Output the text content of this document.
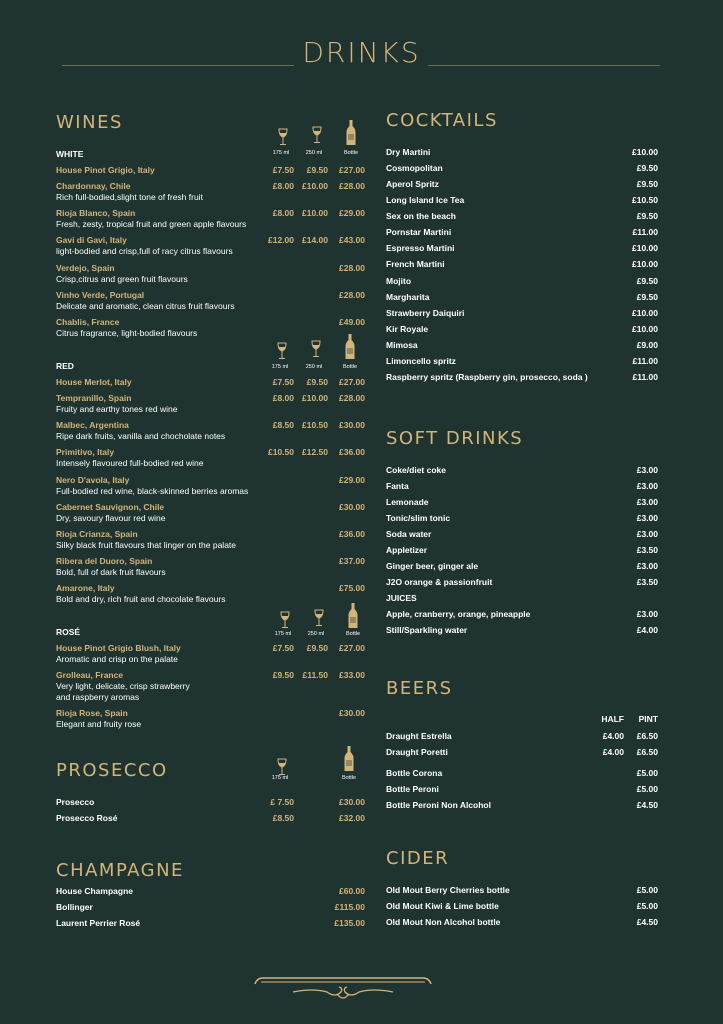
DRINKS
WINES
175 ml	250 ml	Bottle
WHITE
House Pinot Grigio, Italy	£7.50	£9.50	£27.00
Chardonnay, Chile
Rich full-bodied,slight tone of fresh fruit
£8.00 £10.00	£28.00
Rioja Blanco, Spain
Fresh, zesty, tropical fruit and green apple flavours
£8.00 £10.00	£29.00
Gavi di Gavi, Italy
light-bodied and crisp,full of racy citrus flavours
£12.00 £14.00	£43.00
Verdejo, Spain
Crisp,citrus and green fruit flavours
£28.00
Vinho Verde, Portugal
Delicate and aromatic, clean citrus fruit flavours
£28.00
Chablis, France
Citrus fragrance, light-bodied flavours
£49.00
175 ml	250 ml	Bottle
RED
House Merlot, Italy	£7.50	£9.50	£27.00
Tempranillo, Spain
Fruity and earthy tones red wine
£8.00 £10.00	£28.00
Malbec, Argentina
Ripe dark fruits, vanilla and chocholate notes
£8.50 £10.50	£30.00
Primitivo, Italy
Intensely flavoured full-bodied red wine
£10.50 £12.50	£36.00
Nero D'avola, Italy
Full-bodied red wine, black-skinned berries aromas
£29.00
Cabernet Sauvignon, Chile
Dry, savoury flavour red wine
£30.00
Rioja Crianza, Spain
Silky black fruit flavours that linger on the palate
£36.00
Ribera del Duoro, Spain
Bold, full of dark fruit flavours
£37.00
Amarone, Italy
Bold and dry, rich fruit and chocolate flavours
£75.00
175 ml	250 ml	Bottle
ROSÉ
House Pinot Grigio Blush, Italy
Aromatic and crisp on the palate
£7.50	£9.50	£27.00
Grolleau, France
Very light, delicate, crisp strawberry
and raspberry aromas
£9.50 £11.50	£33.00
Rioja Rose, Spain
Elegant and fruity rose
£30.00
PROSECCO	175 ml	Bottle
Prosecco	£ 7.50	£30.00
Prosecco Rosé	£8.50	£32.00
CHAMPAGNE
House Champagne	£60.00
Bollinger	£115.00
Laurent Perrier Rosé	£135.00
COCKTAILS
Dry Martini	£10.00
Cosmopolitan	£9.50
Aperol Spritz	£9.50
Long Island Ice Tea	£10.50
Sex on the beach	£9.50
Pornstar Martini	£11.00
Espresso Martini	£10.00
French Martini	£10.00
Mojito	£9.50
Margharita	£9.50
Strawberry Daiquiri	£10.00
Kir Royale	£10.00
Mimosa	£9.00
Limoncello spritz	£11.00
Raspberry spritz (Raspberry gin, prosecco, soda )	£11.00
SOFT DRINKS
Coke/diet coke	£3.00
Fanta	£3.00
Lemonade	£3.00
Tonic/slim tonic	£3.00
Soda water	£3.00
Appletizer	£3.50
Ginger beer, ginger ale	£3.00
J2O orange & passionfruit	£3.50
JUICES
Apple, cranberry, orange, pineapple	£3.00
Still/Sparkling water	£4.00
BEERS
HALF	PINT
Draught Estrella	£4.00	£6.50
Draught Poretti	£4.00	£6.50
Bottle Corona	£5.00
Bottle Peroni	£5.00
Bottle Peroni Non Alcohol	£4.50
CIDER
Old Mout Berry Cherries bottle	£5.00
Old Mout Kiwi & Lime bottle	£5.00
Old Mout Non Alcohol bottle	£4.50
